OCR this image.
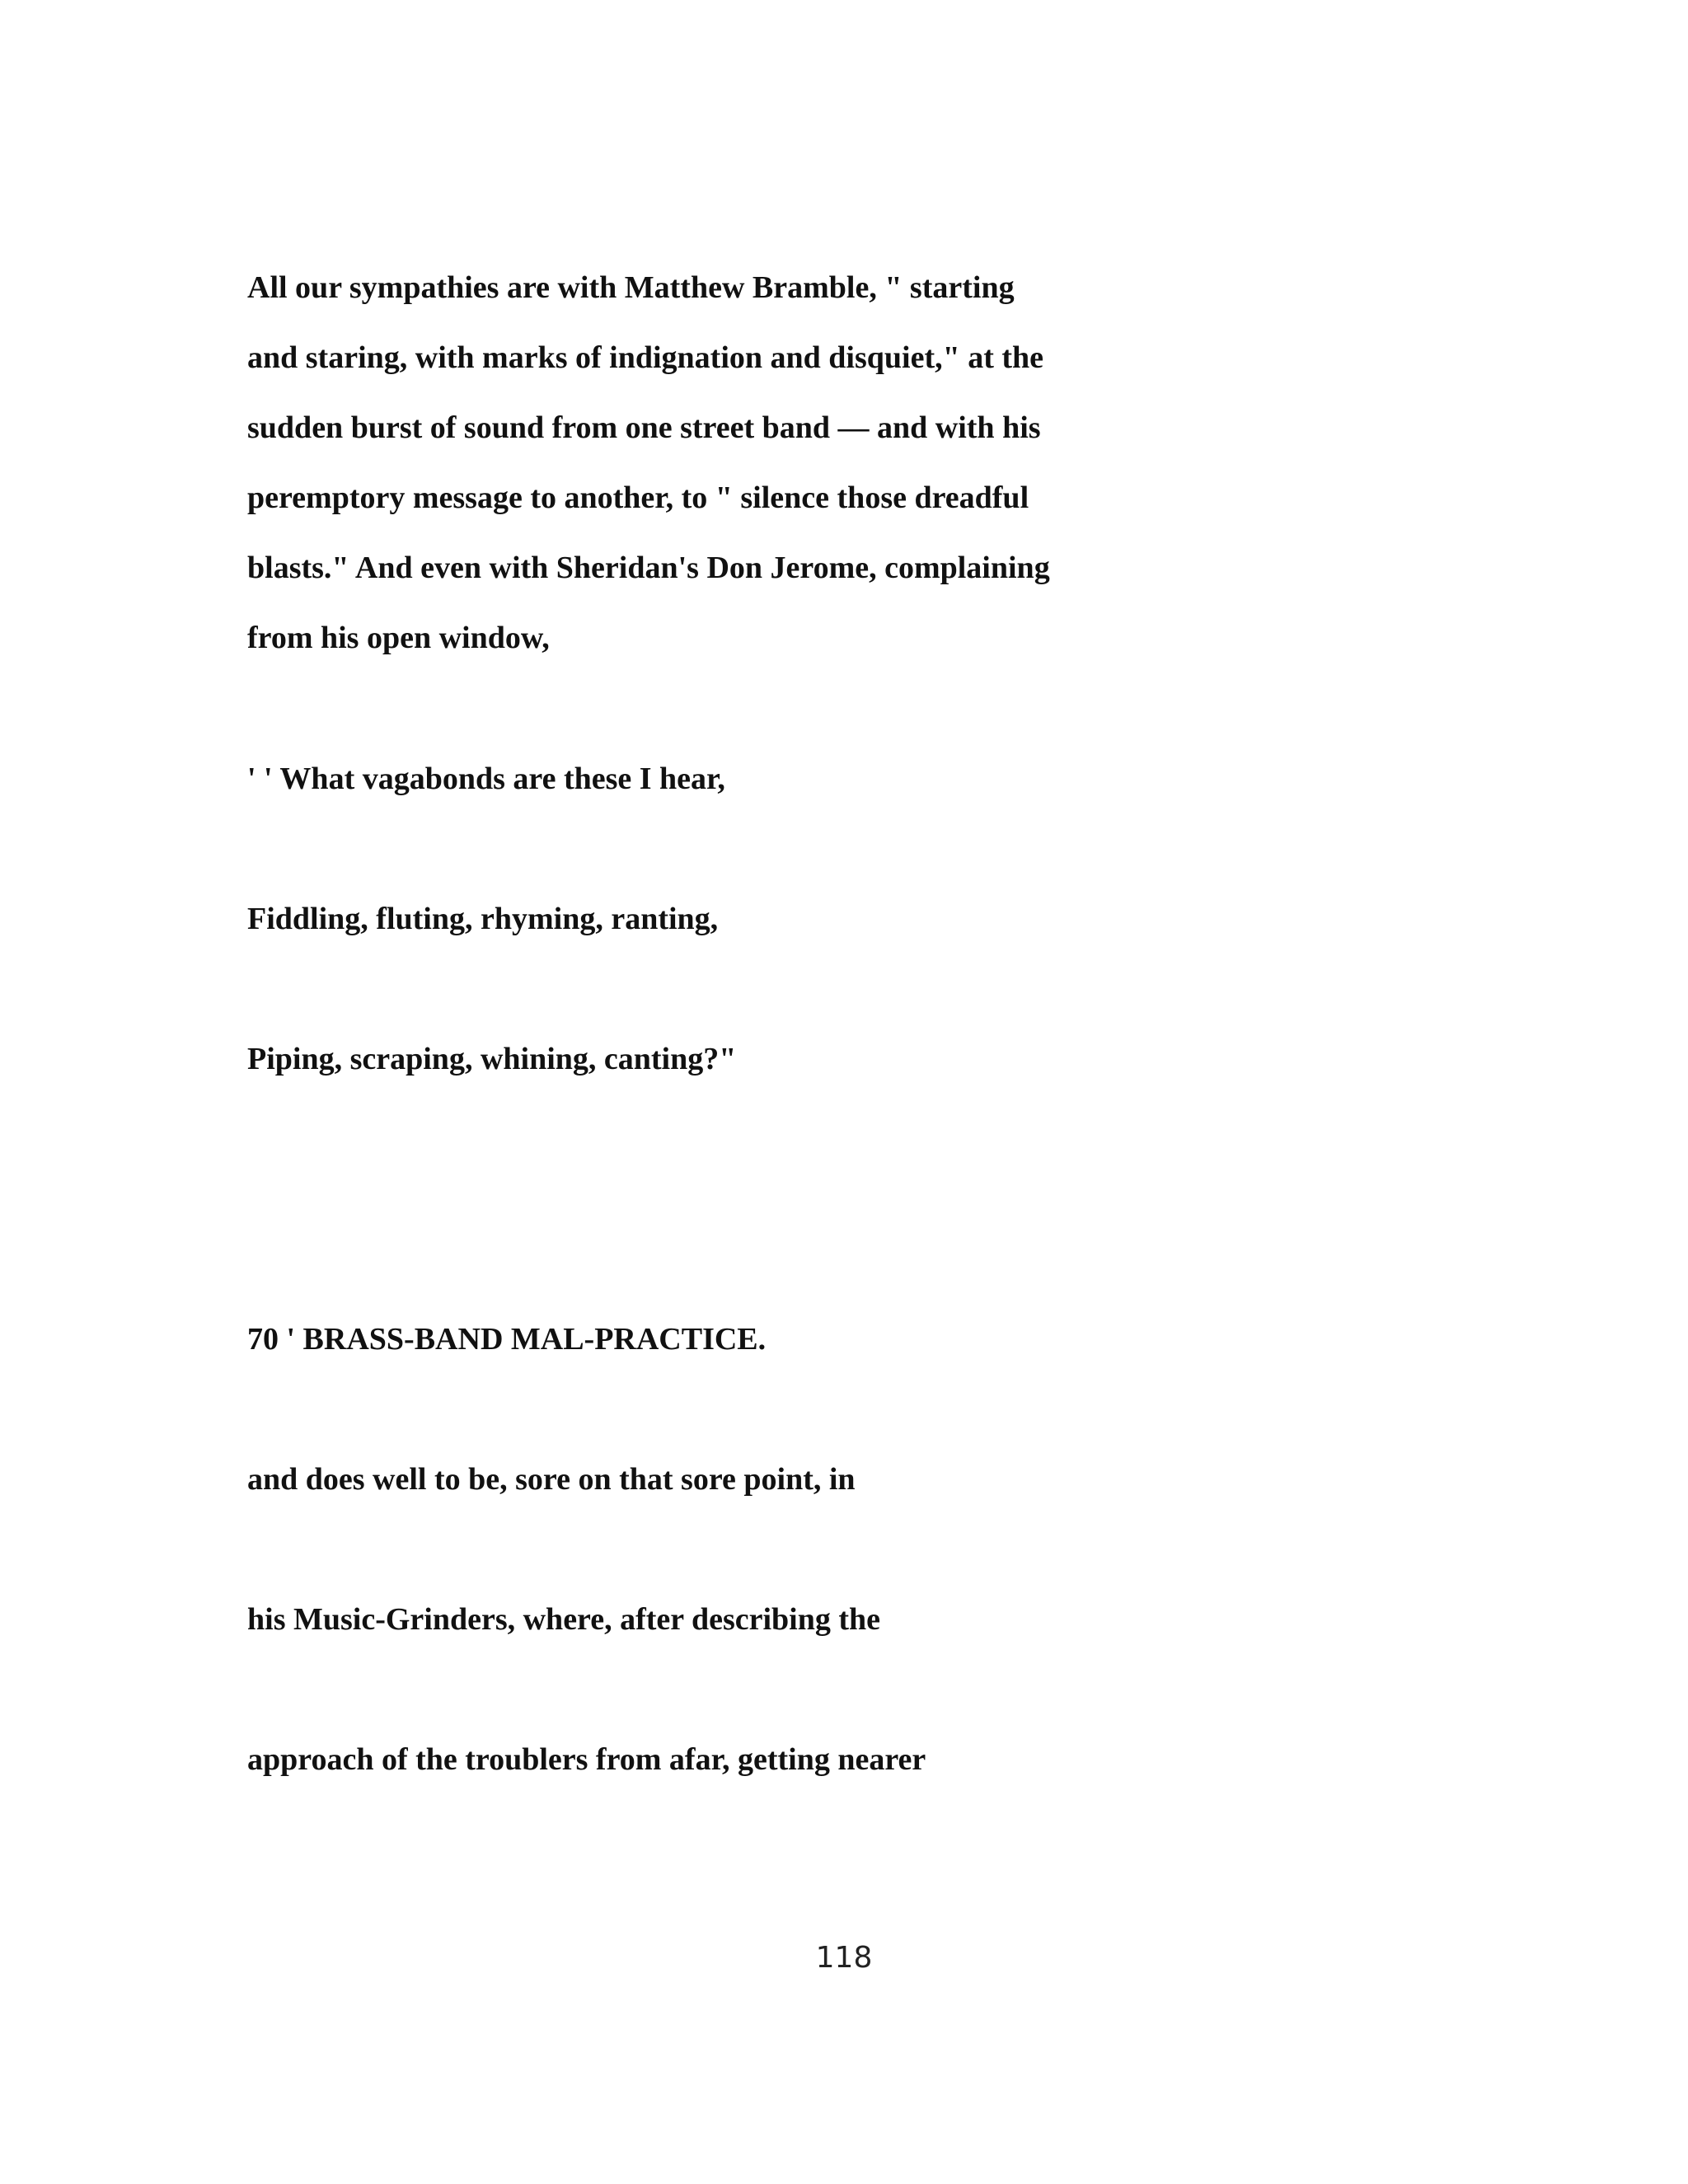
All our sympathies are with Matthew Bramble, " starting

and staring, with marks of indignation and disquiet," at the

sudden burst of sound from one street band — and with his

peremptory message to another, to " silence those dreadful

blasts." And even with Sheridan's Don Jerome, complaining

from his open window,

' ' What vagabonds are these I hear,

Fiddling, fluting, rhyming, ranting,

Piping, scraping, whining, canting?"

70 ' BRASS-BAND MAL-PRACTICE.

and does well to be, sore on that sore point, in

his Music-Grinders, where, after describing the

approach of the troublers from afar, getting nearer

118
